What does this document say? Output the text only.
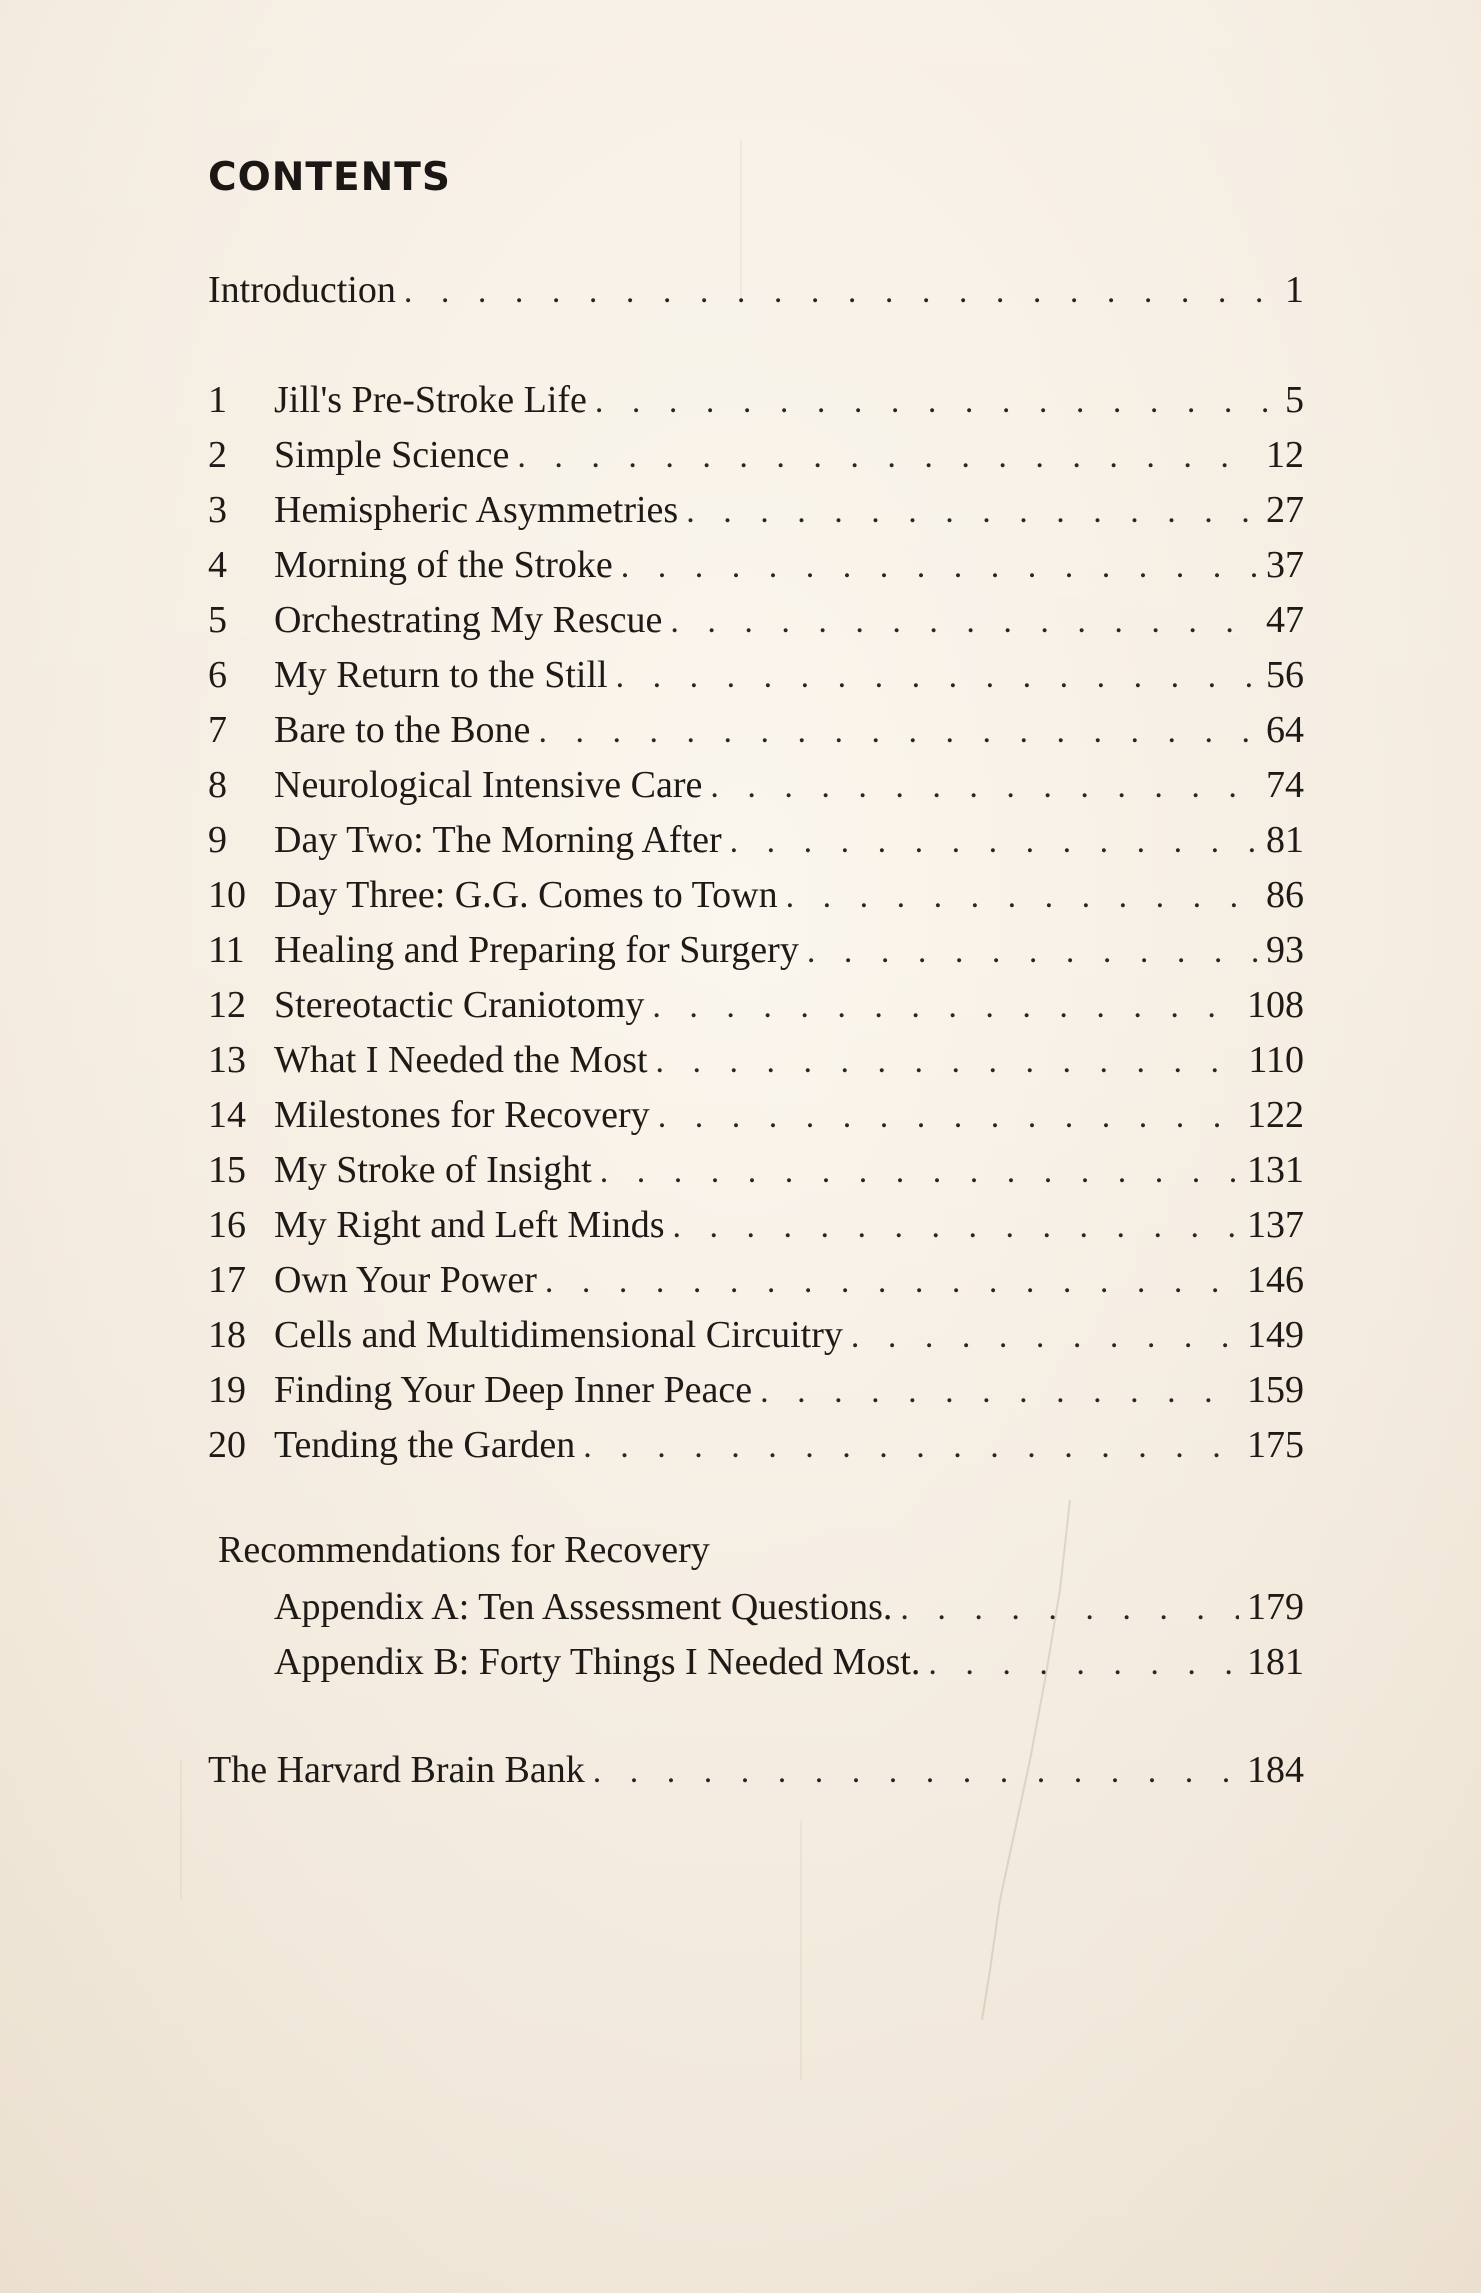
CONTENTS
Introduction . . .	1
1	Jill's Pre-Stroke Life . . .	5
2	Simple Science . . .	12
3	Hemispheric Asymmetries . . .	27
4	Morning of the Stroke . . .	37
5	Orchestrating My Rescue . . .	47
6	My Return to the Still . . .	56
7	Bare to the Bone . . .	64
8	Neurological Intensive Care . . .	74
9	Day Two: The Morning After . . .	81
10 Day Three: G.G. Comes to Town . . .	86
11 Healing and Preparing for Surgery . . .	93
12 Stereotactic Craniotomy . . .	108
13 What I Needed the Most . . .	110
14 Milestones for Recovery . . .	122
15 My Stroke of Insight . . .	131
16 My Right and Left Minds . . .	137
17 Own Your Power . . .	146
18 Cells and Multidimensional Circuitry . . .	149
19 Finding Your Deep Inner Peace . . .	159
20 Tending the Garden . . .	175
Recommendations for Recovery
Appendix A: Ten Assessment Questions. . . .	179
Appendix B: Forty Things I Needed Most. . . .	181
The Harvard Brain Bank . . .	184
